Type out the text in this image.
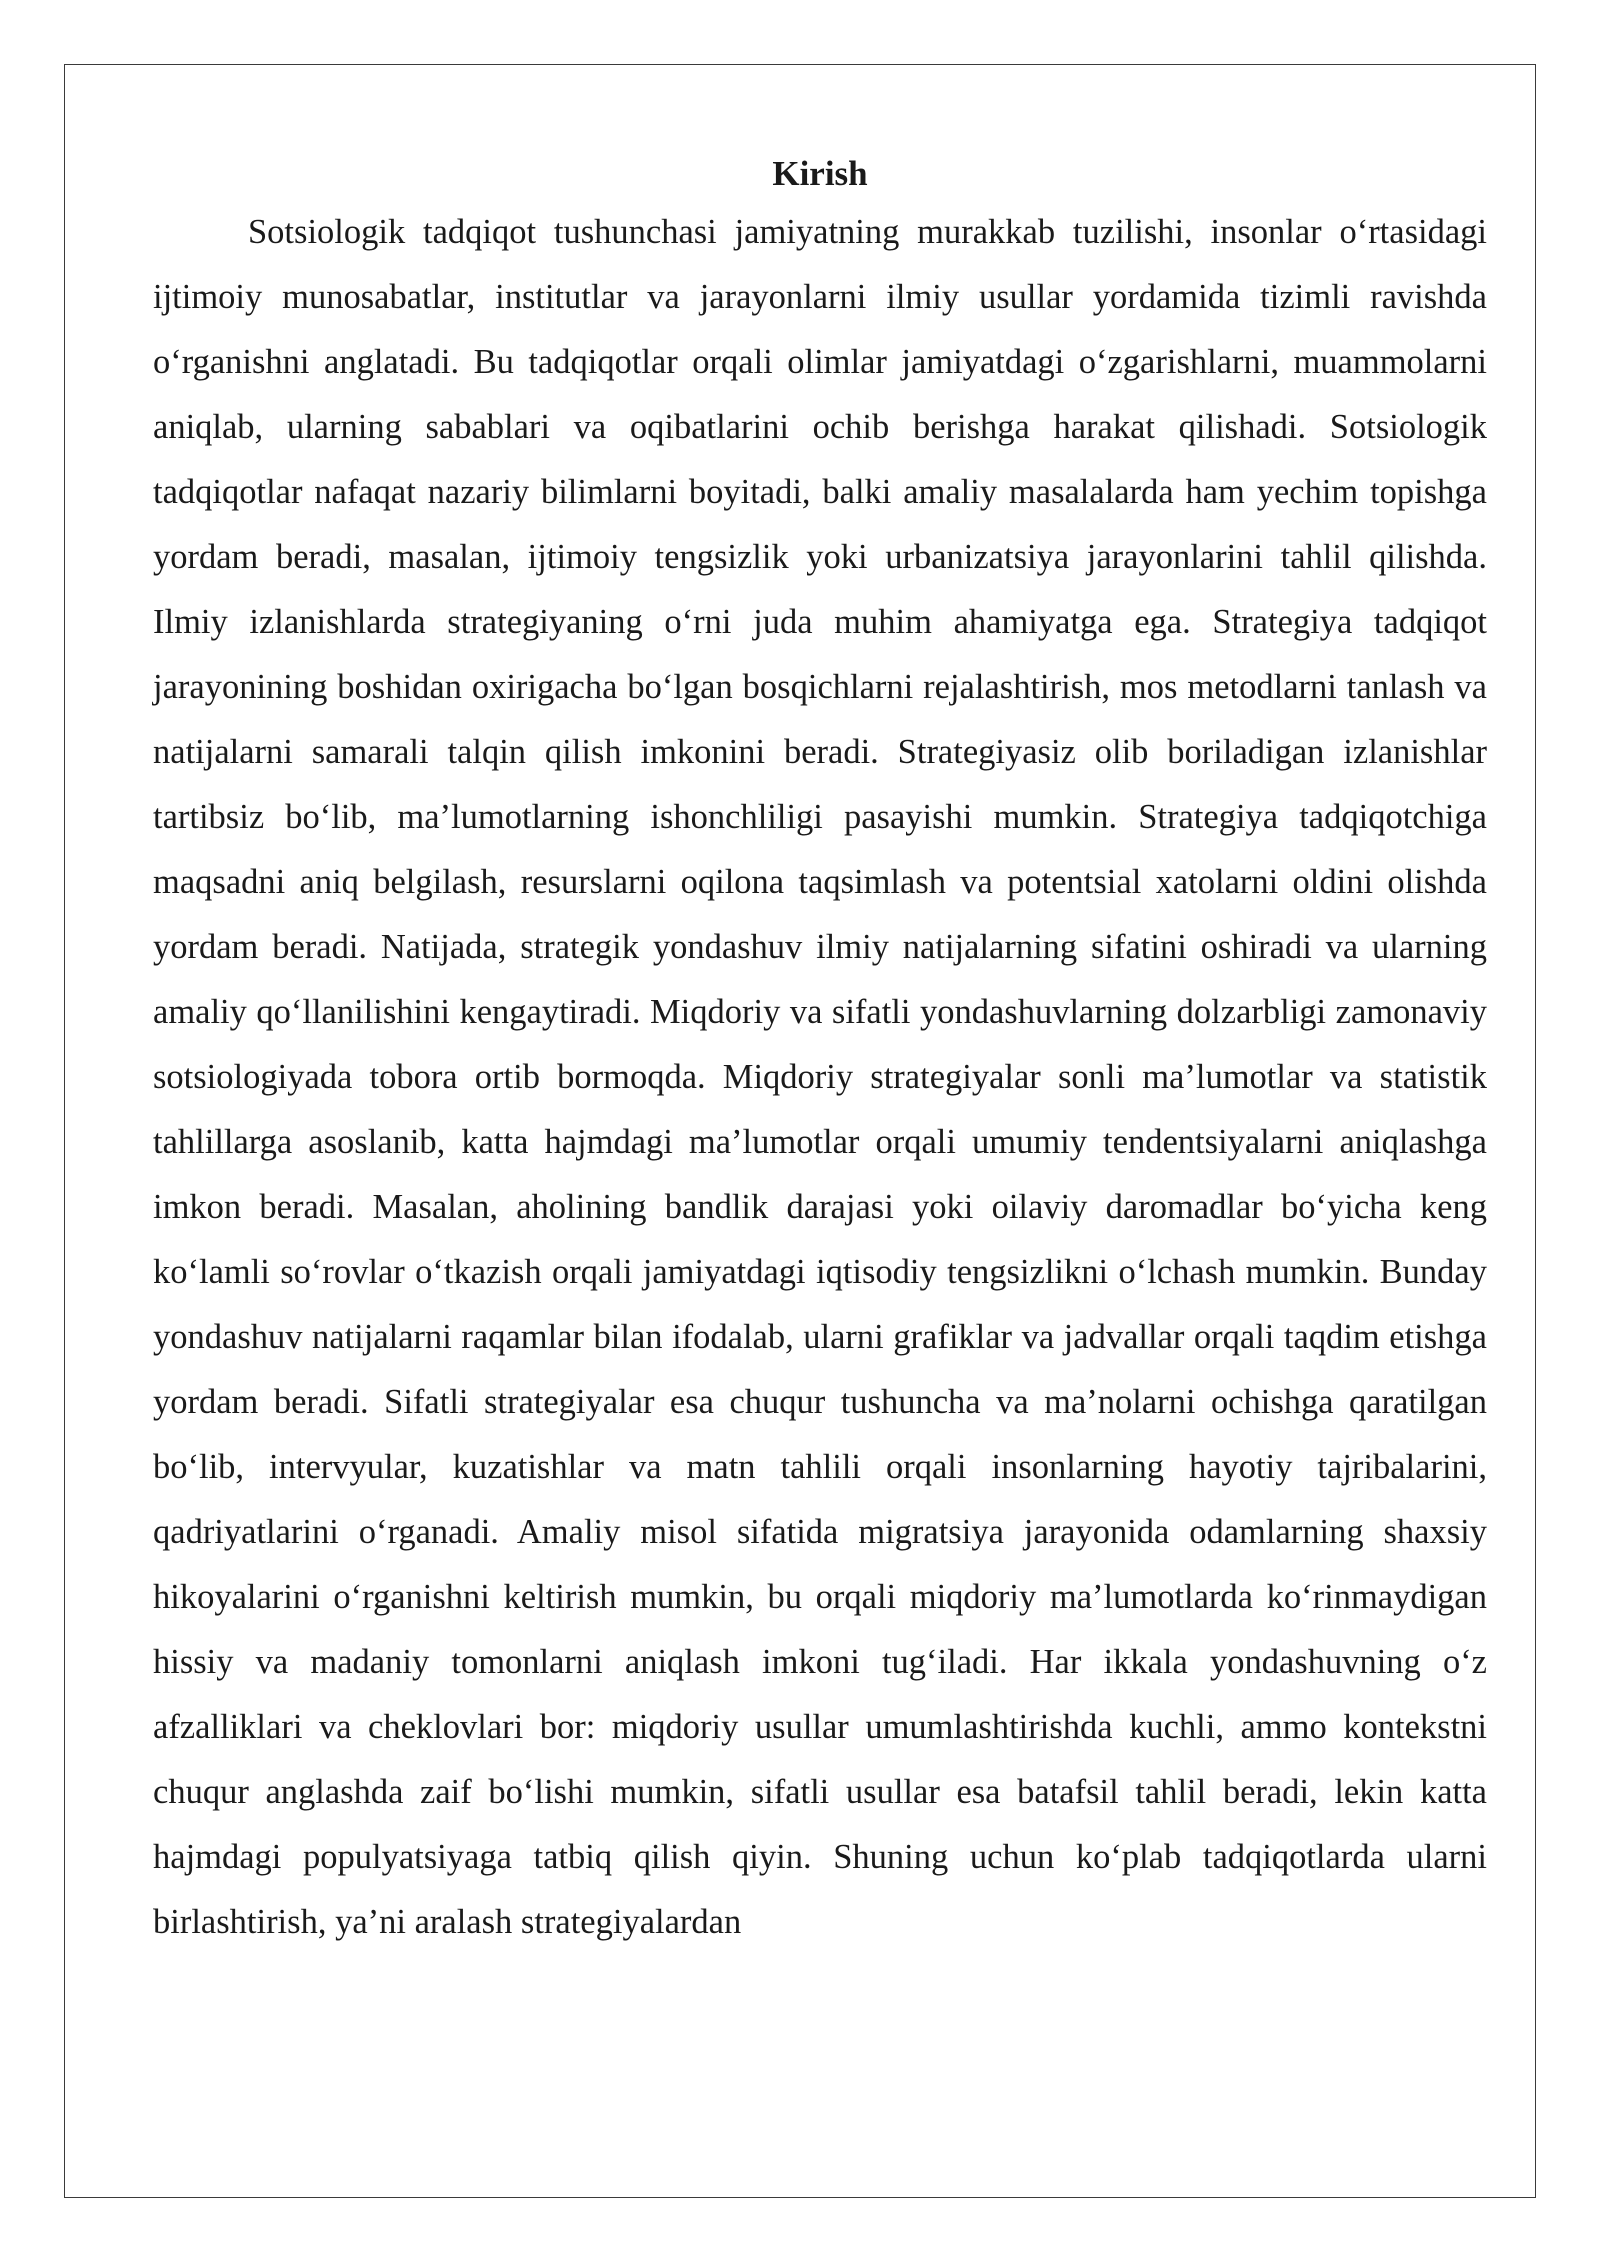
Kirish

Sotsiologik tadqiqot tushunchasi jamiyatning murakkab tuzilishi, insonlar o‘rtasidagi ijtimoiy munosabatlar, institutlar va jarayonlarni ilmiy usullar yordamida tizimli ravishda o‘rganishni anglatadi. Bu tadqiqotlar orqali olimlar jamiyatdagi o‘zgarishlarni, muammolarni aniqlab, ularning sabablari va oqibatlarini ochib berishga harakat qilishadi. Sotsiologik tadqiqotlar nafaqat nazariy bilimlarni boyitadi, balki amaliy masalalarda ham yechim topishga yordam beradi, masalan, ijtimoiy tengsizlik yoki urbanizatsiya jarayonlarini tahlil qilishda. Ilmiy izlanishlarda strategiyaning o‘rni juda muhim ahamiyatga ega. Strategiya tadqiqot jarayonining boshidan oxirigacha bo‘lgan bosqichlarni rejalashtirish, mos metodlarni tanlash va natijalarni samarali talqin qilish imkonini beradi. Strategiyasiz olib boriladigan izlanishlar tartibsiz bo‘lib, ma’lumotlarning ishonchliligi pasayishi mumkin. Strategiya tadqiqotchiga maqsadni aniq belgilash, resurslarni oqilona taqsimlash va potentsial xatolarni oldini olishda yordam beradi. Natijada, strategik yondashuv ilmiy natijalarning sifatini oshiradi va ularning amaliy qo‘llanilishini kengaytiradi. Miqdoriy va sifatli yondashuvlarning dolzarbligi zamonaviy sotsiologiyada tobora ortib bormoqda. Miqdoriy strategiyalar sonli ma’lumotlar va statistik tahlillarga asoslanib, katta hajmdagi ma’lumotlar orqali umumiy tendentsiyalarni aniqlashga imkon beradi. Masalan, aholining bandlik darajasi yoki oilaviy daromadlar bo‘yicha keng ko‘lamli so‘rovlar o‘tkazish orqali jamiyatdagi iqtisodiy tengsizlikni o‘lchash mumkin. Bunday yondashuv natijalarni raqamlar bilan ifodalab, ularni grafiklar va jadvallar orqali taqdim etishga yordam beradi. Sifatli strategiyalar esa chuqur tushuncha va ma’nolarni ochishga qaratilgan bo‘lib, intervyular, kuzatishlar va matn tahlili orqali insonlarning hayotiy tajribalarini, qadriyatlarini o‘rganadi. Amaliy misol sifatida migratsiya jarayonida odamlarning shaxsiy hikoyalarini o‘rganishni keltirish mumkin, bu orqali miqdoriy ma’lumotlarda ko‘rinmaydigan hissiy va madaniy tomonlarni aniqlash imkoni tug‘iladi. Har ikkala yondashuvning o‘z afzalliklari va cheklovlari bor: miqdoriy usullar umumlashtirishda kuchli, ammo kontekstni chuqur anglashda zaif bo‘lishi mumkin, sifatli usullar esa batafsil tahlil beradi, lekin katta hajmdagi populyatsiyaga tatbiq qilish qiyin. Shuning uchun ko‘plab tadqiqotlarda ularni birlashtirish, ya’ni aralash strategiyalardan
